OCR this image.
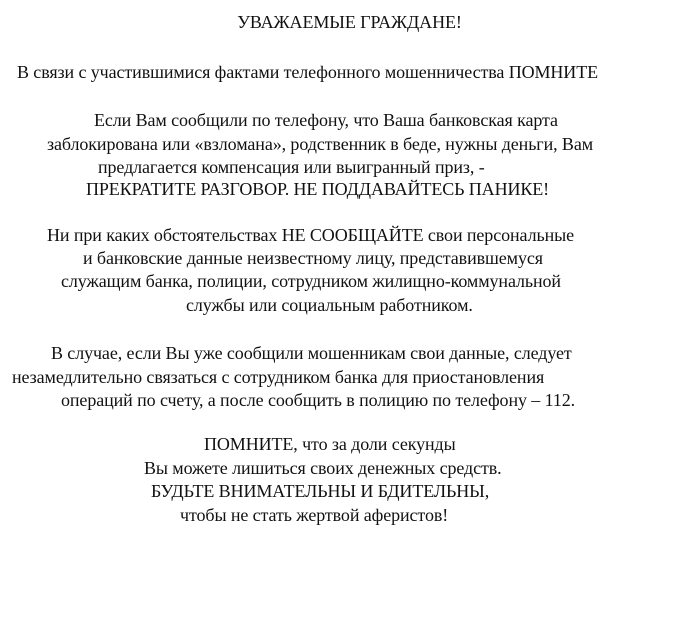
УВАЖАЕМЫЕ ГРАЖДАНЕ!
В связи с участившимися фактами телефонного мошенничества ПОМНИТЕ
Если Вам сообщили по телефону, что Ваша банковская карта
заблокирована или «взломана», родственник в беде, нужны деньги, Вам
предлагается компенсация или выигранный приз, -
ПРЕКРАТИТЕ РАЗГОВОР. НЕ ПОДДАВАЙТЕСЬ ПАНИКЕ!
Ни при каких обстоятельствах НЕ СООБЩАЙТЕ свои персональные
и банковские данные неизвестному лицу, представившемуся
служащим банка, полиции, сотрудником жилищно-коммунальной
службы или социальным работником.
В случае, если Вы уже сообщили мошенникам свои данные, следует
незамедлительно связаться с сотрудником банка для приостановления
операций по счету, а после сообщить в полицию по телефону – 112.
ПОМНИТЕ, что за доли секунды
Вы можете лишиться своих денежных средств.
БУДЬТЕ ВНИМАТЕЛЬНЫ И БДИТЕЛЬНЫ,
чтобы не стать жертвой аферистов!
